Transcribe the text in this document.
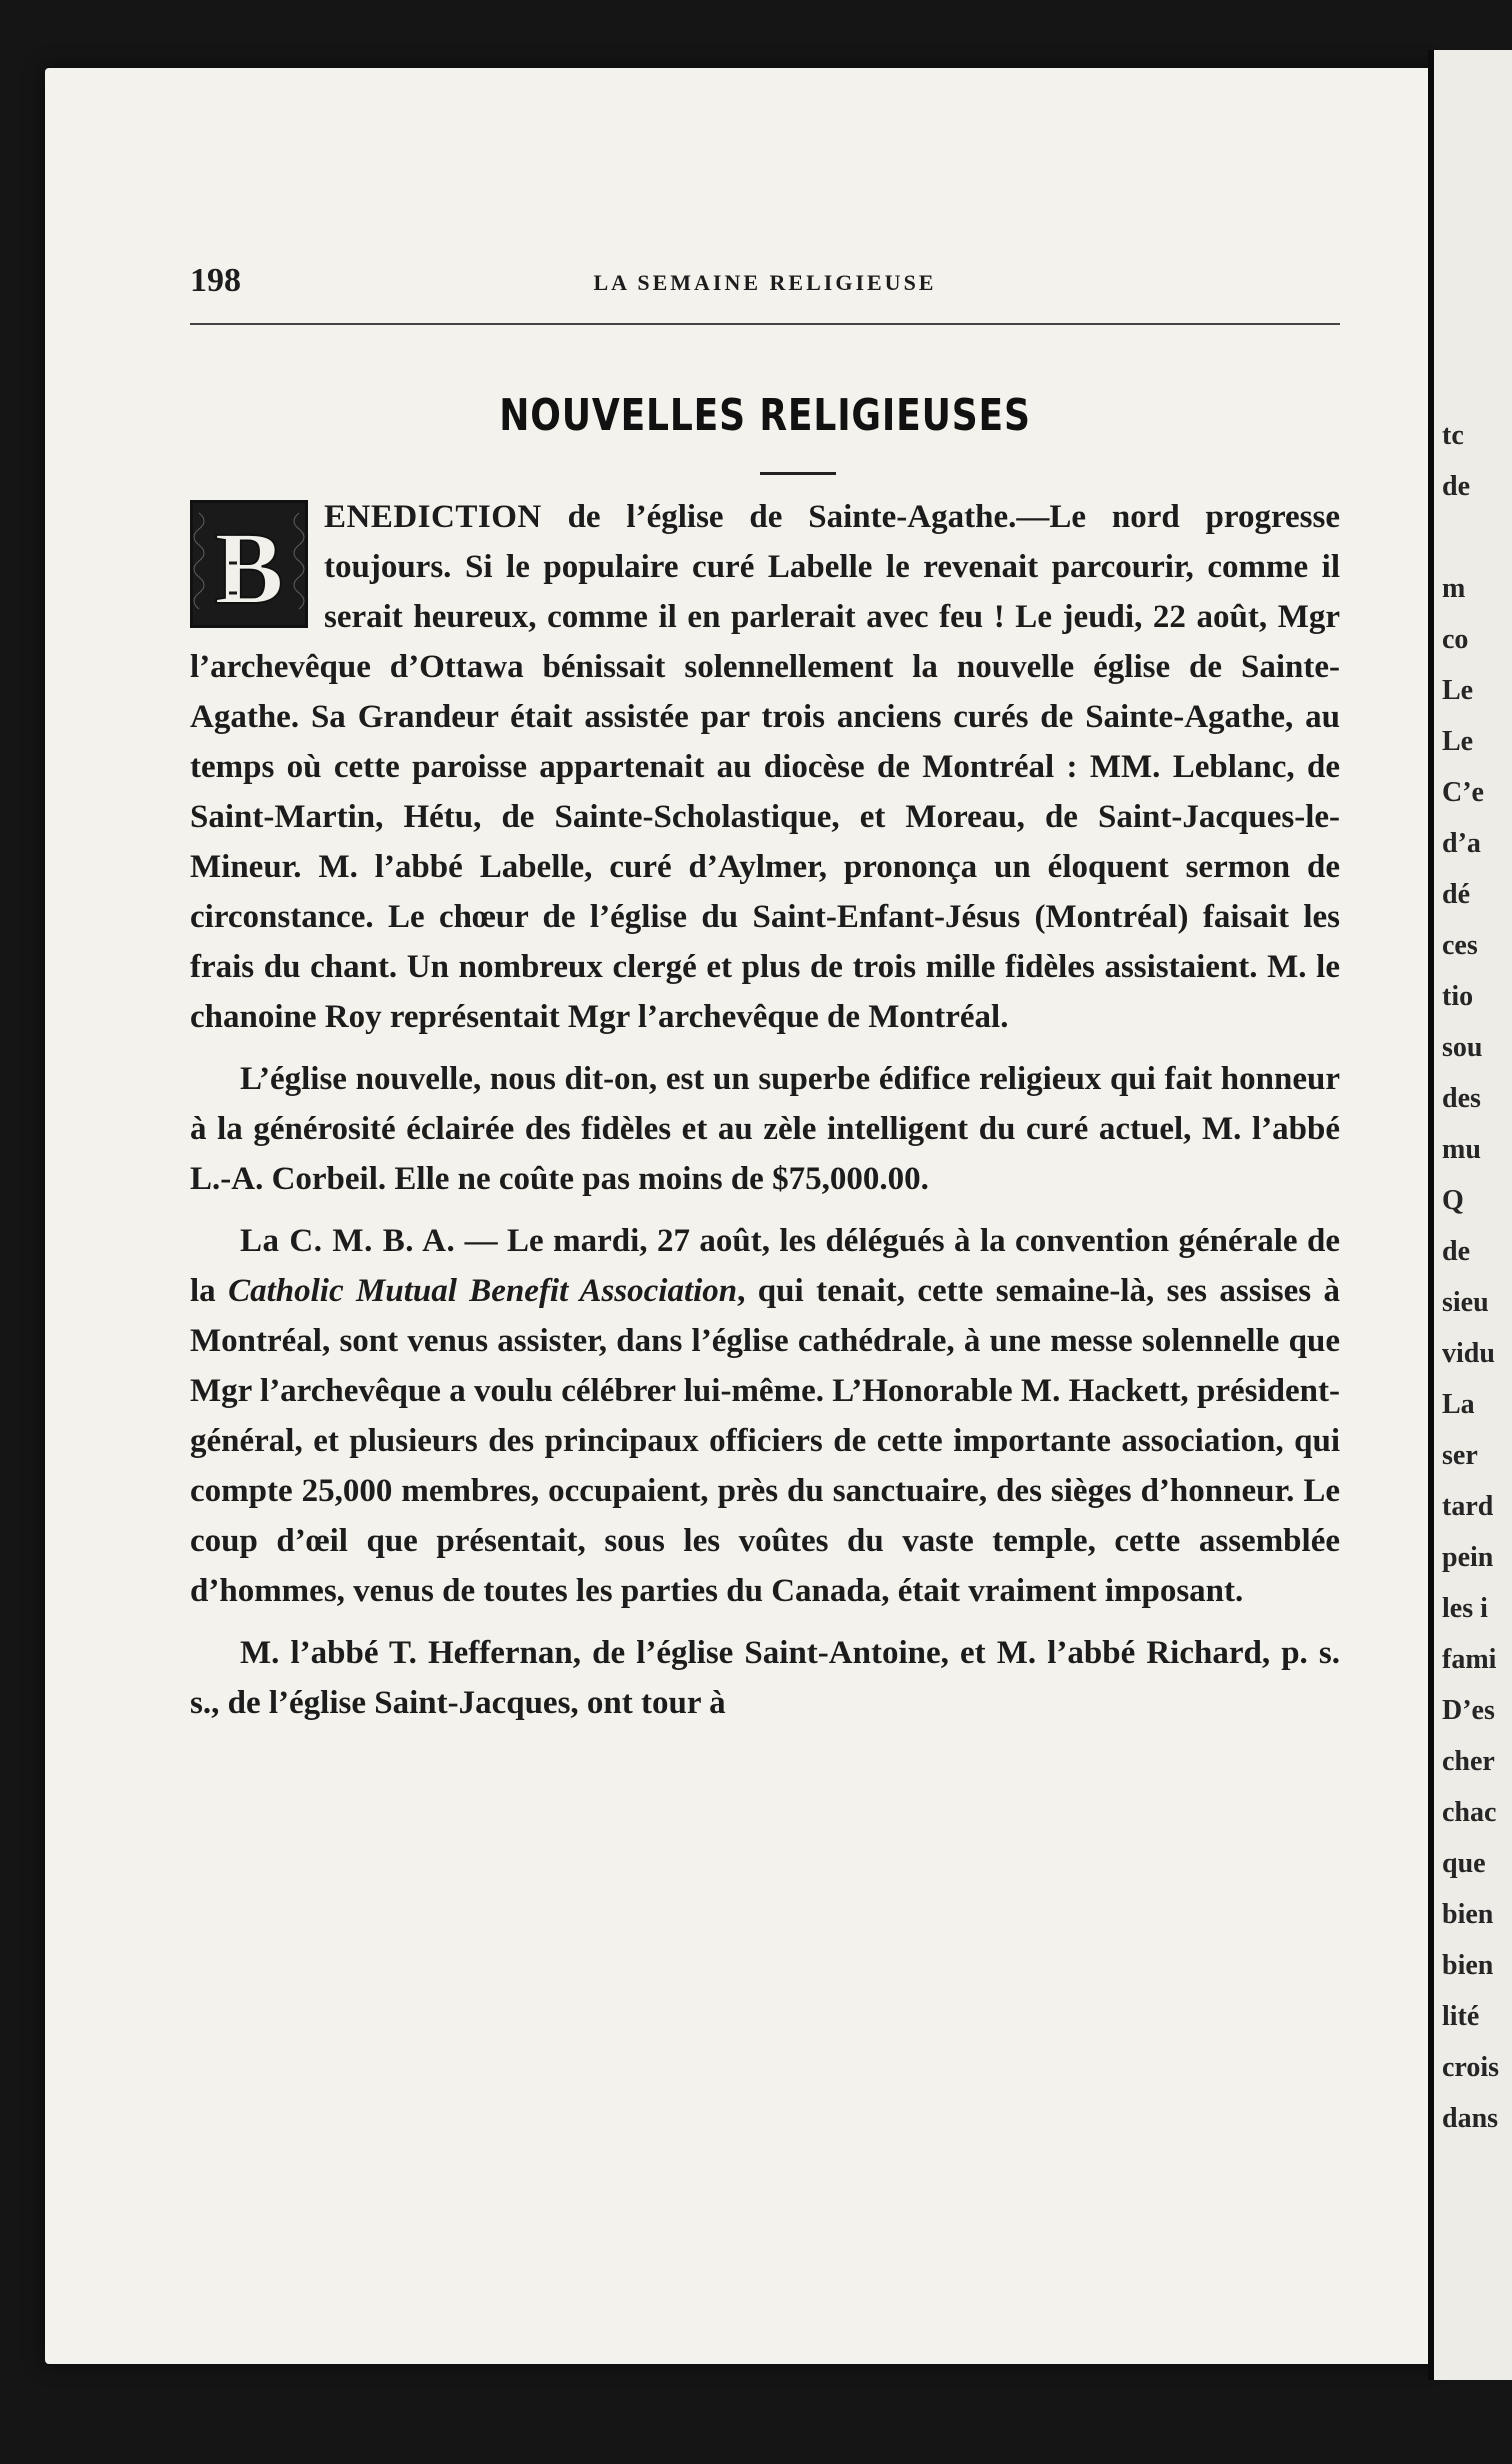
tc
de

m
co
Le
Le
C’e
d’a
dé
ces
tio
sou
des
mu
Q
de
sieu
vidu
La
ser
tard
pein
les i
fami
D’es
cher
chac
que
bien
bien
lité
crois
dans
198	LA SEMAINE RELIGIEUSE
NOUVELLES RELIGIEUSES

B ENEDICTION de l’église de Sainte-Agathe.—Le nord progresse toujours. Si le populaire curé Labelle le revenait parcourir, comme il serait heureux, comme il en parlerait avec feu ! Le jeudi, 22 août, Mgr l’archevêque d’Ottawa bénissait solennellement la nouvelle église de Sainte-Agathe. Sa Grandeur était assistée par trois anciens curés de Sainte-Agathe, au temps où cette paroisse appartenait au diocèse de Montréal : MM. Leblanc, de Saint-Martin, Hétu, de Sainte-Scholastique, et Moreau, de Saint-Jacques-le-Mineur. M. l’abbé Labelle, curé d’Aylmer, prononça un éloquent sermon de circonstance. Le chœur de l’église du Saint-Enfant-Jésus (Montréal) faisait les frais du chant. Un nombreux clergé et plus de trois mille fidèles assistaient. M. le chanoine Roy représentait Mgr l’archevêque de Montréal.

L’église nouvelle, nous dit-on, est un superbe édifice religieux qui fait honneur à la générosité éclairée des fidèles et au zèle intelligent du curé actuel, M. l’abbé L.-A. Corbeil. Elle ne coûte pas moins de $75,000.00.

La C. M. B. A. — Le mardi, 27 août, les délégués à la convention générale de la Catholic Mutual Benefit Association, qui tenait, cette semaine-là, ses assises à Montréal, sont venus assister, dans l’église cathédrale, à une messe solennelle que Mgr l’archevêque a voulu célébrer lui-même. L’Honorable M. Hackett, président-général, et plusieurs des principaux officiers de cette importante association, qui compte 25,000 membres, occupaient, près du sanctuaire, des sièges d’honneur. Le coup d’œil que présentait, sous les voûtes du vaste temple, cette assemblée d’hommes, venus de toutes les parties du Canada, était vraiment imposant.

M. l’abbé T. Heffernan, de l’église Saint-Antoine, et M. l’abbé Richard, p. s. s., de l’église Saint-Jacques, ont tour à
